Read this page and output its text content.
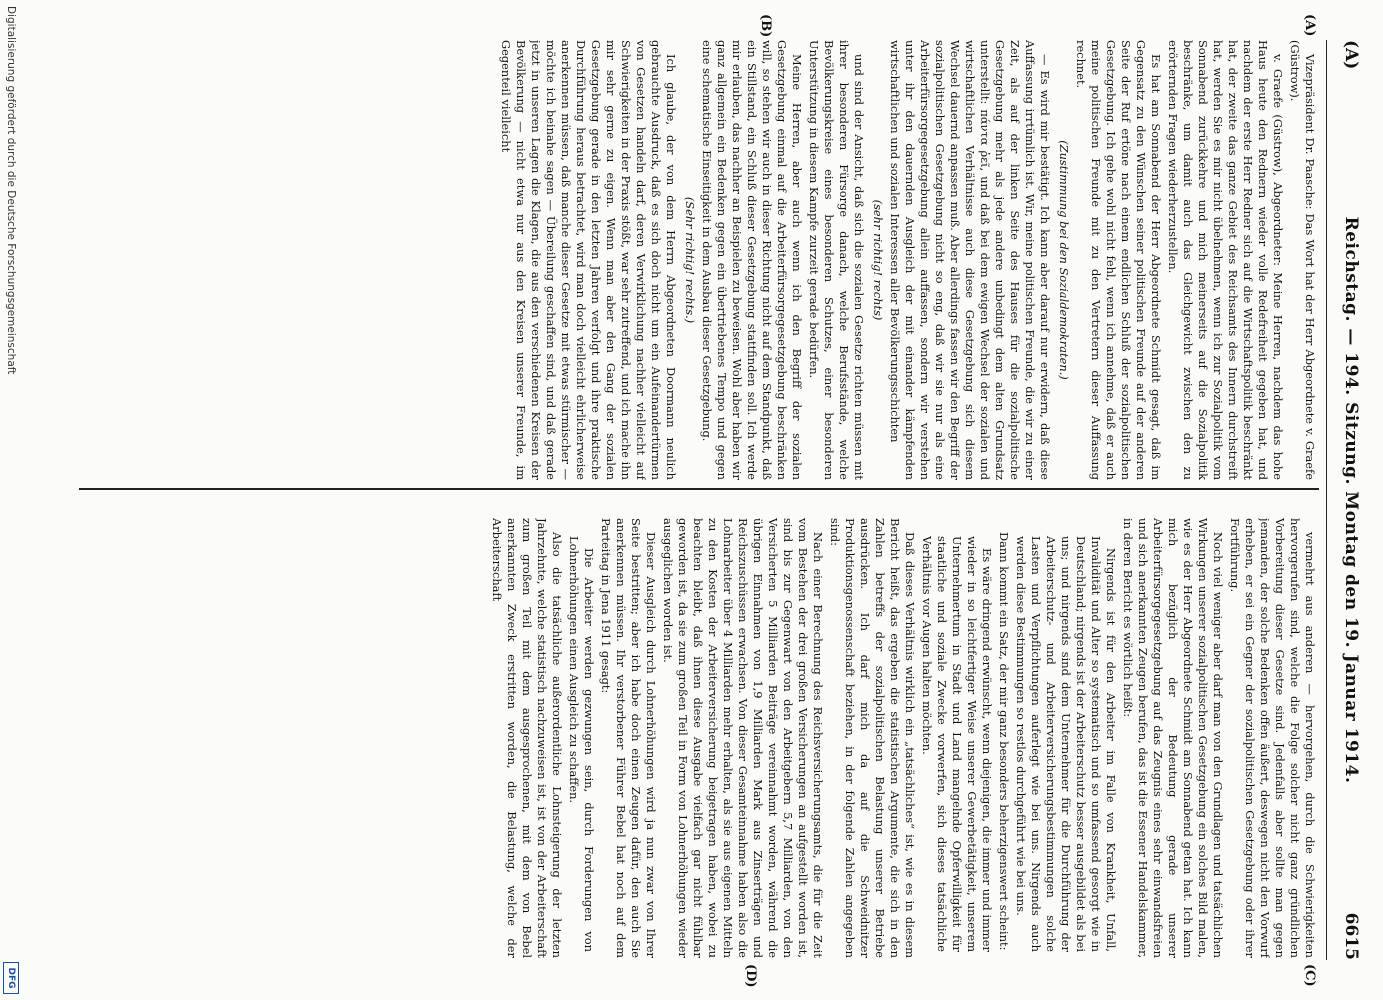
(A)
Reichstag. — 194. Sitzung. Montag den 19. Januar 1914.
6615
(A)
(B)
(C)
(D)

Vizepräsident Dr. Paasche: Das Wort hat der Herr Abgeordnete v. Graefe (Güstrow).

v. Graefe (Güstrow), Abgeordneter: Meine Herren, nachdem das hohe Haus heute den Rednern wieder volle Redefreiheit gegeben hat, und nachdem der erste Herr Redner sich auf die Wirtschaftspolitik beschränkt hat, der zweite das ganze Gebiet des Reichsamts des Innern durchstreift hat, werden Sie es mir nicht übelnehmen, wenn ich zur Sozialpolitik vom Sonnabend zurückkehre und mich meinerseits auf die Sozialpolitik beschränke, um damit auch das Gleichgewicht zwischen den zu erörternden Fragen wiederherzustellen.

Es hat am Sonnabend der Herr Abgeordnete Schmidt gesagt, daß im Gegensatz zu den Wünschen seiner politischen Freunde auf der anderen Seite der Ruf ertöne nach einem endlichen Schluß der sozialpolitischen Gesetzgebung. Ich gehe wohl nicht fehl, wenn ich annehme, daß er auch meine politischen Freunde mit zu den Vertretern dieser Auffassung rechnet.

(Zustimmung bei den Sozialdemokraten.)

— Es wird mir bestätigt. Ich kann aber darauf nur erwidern, daß diese Auffassung irrtümlich ist. Wir, meine politischen Freunde, die wir zu einer Zeit, als auf der linken Seite des Hauses für die sozialpolitische Gesetzgebung mehr als jede andere unbedingt dem alten Grundsatz unterstellt: πάντα ῥεῖ, und daß bei dem ewigen Wechsel der sozialen und wirtschaftlichen Verhältnisse auch diese Gesetzgebung sich diesem Wechsel dauernd anpassen muß. Aber allerdings fassen wir den Begriff der sozialpolitischen Gesetzgebung nicht so eng, daß wir sie nur als eine Arbeiterfürsorgegesetzgebung allein auffassen, sondern wir verstehen unter ihr den dauernden Ausgleich der mit einander kämpfenden wirtschaftlichen und sozialen Interessen aller Bevölkerungsschichten

(sehr richtig! rechts)

und sind der Ansicht, daß sich die sozialen Gesetze richten müssen mit ihrer besonderen Fürsorge danach, welche Berufsstände, welche Bevölkerungskreise eines besonderen Schutzes, einer besonderen Unterstützung in diesem Kampfe zurzeit gerade bedürfen.

Meine Herren, aber auch wenn ich den Begriff der sozialen Gesetzgebung einmal auf die Arbeiterfürsorgegesetzgebung beschränken will, so stehen wir auch in dieser Richtung nicht auf dem Standpunkt, daß ein Stillstand, ein Schluß dieser Gesetzgebung stattfinden soll. Ich werde mir erlauben, das nachher an Beispielen zu beweisen. Wohl aber haben wir ganz allgemein ein Bedenken gegen ein übertriebenes Tempo und gegen eine schematische Einseitigkeit in dem Ausbau dieser Gesetzgebung.

(Sehr richtig! rechts.)

Ich glaube, der von dem Herrn Abgeordneten Doormann neulich gebrauchte Ausdruck, daß es sich doch nicht um ein Aufeinandertürmen von Gesetzen handeln darf, deren Verwirklichung nachher vielleicht auf Schwierigkeiten in der Praxis stößt, war sehr zutreffend, und ich mache ihn mir sehr gerne zu eigen. Wenn man aber den Gang der sozialen Gesetzgebung gerade in den letzten Jahren verfolgt und ihre praktische Durchführung heraus betrachtet, wird man doch vielleicht ehrlicherweise anerkennen müssen, daß manche dieser Gesetze mit etwas stürmischer — möchte ich beinahe sagen — Übereilung geschaffen sind, und daß gerade jetzt in unseren Lagen die Klagen, die aus den verschiedenen Kreisen der Bevölkerung — nicht etwa nur aus den Kreisen unserer Freunde, im Gegenteil vielleicht

vermehrt aus anderen — hervorgehen, durch die Schwierigkeiten hervorgerufen sind, welche die Folge solcher nicht ganz gründlichen Vorbereitung dieser Gesetze sind. Jedenfalls aber sollte man gegen jemanden, der solche Bedenken offen äußert, deswegen nicht den Vorwurf erheben, er sei ein Gegner der sozialpolitischen Gesetzgebung oder ihrer Fortführung.

Noch viel weniger aber darf man von den Grundlagen und tatsächlichen Wirkungen unserer sozialpolitischen Gesetzgebung ein solches Bild malen, wie es der Herr Abgeordnete Schmidt am Sonnabend getan hat. Ich kann mich bezüglich der Bedeutung gerade unserer Arbeiterfürsorgegesetzgebung auf das Zeugnis eines sehr einwandsfreien und sich anerkannten Zeugen berufen, das ist die Essener Handelskammer, in deren Bericht es wörtlich heißt:

Nirgends ist für den Arbeiter im Falle von Krankheit, Unfall, Invalidität und Alter so systematisch und so umfassend gesorgt wie in Deutschland; nirgends ist der Arbeiterschutz besser ausgebildet als bei uns; und nirgends sind dem Unternehmer für die Durchführung der Arbeiterschutz- und Arbeiterversicherungsbestimmungen solche Lasten und Verpflichtungen auferlegt wie bei uns. Nirgends auch werden diese Bestimmungen so restlos durchgeführt wie bei uns.

Dann kommt ein Satz, der mir ganz besonders beherzigenswert scheint:

Es wäre dringend erwünscht, wenn diejenigen, die immer und immer wieder in so leichtfertiger Weise unserer Gewerbetätigkeit, unserem Unternehmertum in Stadt und Land mangelnde Opferwilligkeit für staatliche und soziale Zwecke vorwerfen, sich dieses tatsächliche Verhältnis vor Augen halten möchten.

Daß dieses Verhältnis wirklich ein „tatsächliches“ ist, wie es in diesem Bericht heißt, das ergeben die statistischen Argumente, die sich in den Zahlen betreffs der sozialpolitischen Belastung unserer Betriebe ausdrücken. Ich darf mich da auf die Schweidnitzer Produktionsgenossenschaft beziehen, in der folgende Zahlen angegeben sind:

Nach einer Berechnung des Reichsversicherungsamts, die für die Zeit vom Bestehen der drei großen Versicherungen an aufgestellt worden ist, sind bis zur Gegenwart von den Arbeitgebern 5,7 Milliarden, von den Versicherten 5 Milliarden Beiträge vereinnahmt worden, während die übrigen Einnahmen von 1,9 Milliarden Mark aus Zinserträgen und Reichszuschüssen erwachsen. Von dieser Gesamteinnahme haben also die Lohnarbeiter über 4 Milliarden mehr erhalten, als sie aus eigenen Mitteln zu den Kosten der Arbeiterversicherung beigetragen haben, wobei zu beachten bleibt, daß ihnen diese Ausgabe vielfach gar nicht fühlbar geworden ist, da sie zum großen Teil in Form von Lohnerhöhungen wieder ausgeglichen worden ist.

Dieser Ausgleich durch Lohnerhöhungen wird ja nun zwar von Ihrer Seite bestritten; aber ich habe doch einen Zeugen dafür, den auch Sie anerkennen müssen. Ihr verstorbener Führer Bebel hat noch auf dem Parteitag in Jena 1911 gesagt:

Die Arbeiter werden gezwungen sein, durch Forderungen von Lohnerhöhungen einen Ausgleich zu schaffen.

Also die tatsächliche außerordentliche Lohnsteigerung der letzten Jahrzehnte, welche statistisch nachzuweisen ist, ist von der Arbeiterschaft zum großen Teil mit dem ausgesprochenen, mit dem von Bebel anerkannten Zweck erstritten worden, die Belastung, welche der Arbeiterschaft

Digitalisierung gefördert durch die Deutsche Forschungsgemeinschaft
DFG
